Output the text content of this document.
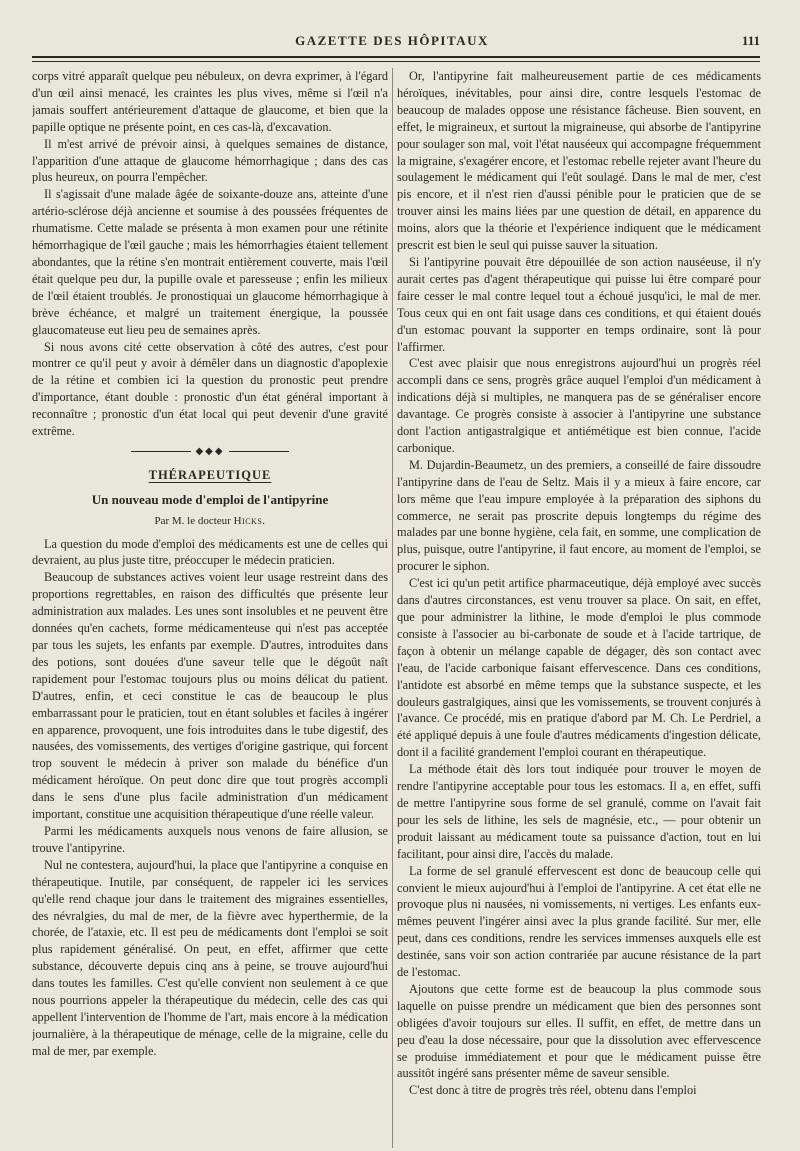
GAZETTE DES HÔPITAUX	111

corps vitré apparaît quelque peu nébuleux, on devra exprimer, à l'égard d'un œil ainsi menacé, les craintes les plus vives, même si l'œil n'a jamais souffert antérieurement d'attaque de glaucome, et bien que la papille optique ne présente point, en ces cas-là, d'excavation.

Il m'est arrivé de prévoir ainsi, à quelques semaines de distance, l'apparition d'une attaque de glaucome hémorrhagique ; dans des cas plus heureux, on pourra l'empêcher.

Il s'agissait d'une malade âgée de soixante-douze ans, atteinte d'une artério-sclérose déjà ancienne et soumise à des poussées fréquentes de rhumatisme. Cette malade se présenta à mon examen pour une rétinite hémorrhagique de l'œil gauche ; mais les hémorrhagies étaient tellement abondantes, que la rétine s'en montrait entièrement couverte, mais l'œil était quelque peu dur, la pupille ovale et paresseuse ; enfin les milieux de l'œil étaient troublés. Je pronostiquai un glaucome hémorrhagique à brève échéance, et malgré un traitement énergique, la poussée glaucomateuse eut lieu peu de semaines après.

Si nous avons cité cette observation à côté des autres, c'est pour montrer ce qu'il peut y avoir à démêler dans un diagnostic d'apoplexie de la rétine et combien ici la question du pronostic peut prendre d'importance, étant double : pronostic d'un état général important à reconnaître ; pronostic d'un état local qui peut devenir d'une gravité extrême.

◆◆◆
THÉRAPEUTIQUE
Un nouveau mode d'emploi de l'antipyrine
Par M. le docteur Hicks.

La question du mode d'emploi des médicaments est une de celles qui devraient, au plus juste titre, préoccuper le médecin praticien.

Beaucoup de substances actives voient leur usage restreint dans des proportions regrettables, en raison des difficultés que présente leur administration aux malades. Les unes sont insolubles et ne peuvent être données qu'en cachets, forme médicamenteuse qui n'est pas acceptée par tous les sujets, les enfants par exemple. D'autres, introduites dans des potions, sont douées d'une saveur telle que le dégoût naît rapidement pour l'estomac toujours plus ou moins délicat du patient. D'autres, enfin, et ceci constitue le cas de beaucoup le plus embarrassant pour le praticien, tout en étant solubles et faciles à ingérer en apparence, provoquent, une fois introduites dans le tube digestif, des nausées, des vomissements, des vertiges d'origine gastrique, qui forcent trop souvent le médecin à priver son malade du bénéfice d'un médicament héroïque. On peut donc dire que tout progrès accompli dans le sens d'une plus facile administration d'un médicament important, constitue une acquisition thérapeutique d'une réelle valeur.

Parmi les médicaments auxquels nous venons de faire allusion, se trouve l'antipyrine.

Nul ne contestera, aujourd'hui, la place que l'antipyrine a conquise en thérapeutique. Inutile, par conséquent, de rappeler ici les services qu'elle rend chaque jour dans le traitement des migraines essentielles, des névralgies, du mal de mer, de la fièvre avec hyperthermie, de la chorée, de l'ataxie, etc. Il est peu de médicaments dont l'emploi se soit plus rapidement généralisé. On peut, en effet, affirmer que cette substance, découverte depuis cinq ans à peine, se trouve aujourd'hui dans toutes les familles. C'est qu'elle convient non seulement à ce que nous pourrions appeler la thérapeutique du médecin, celle des cas qui appellent l'intervention de l'homme de l'art, mais encore à la médication journalière, à la thérapeutique de ménage, celle de la migraine, celle du mal de mer, par exemple.

Or, l'antipyrine fait malheureusement partie de ces médicaments héroïques, inévitables, pour ainsi dire, contre lesquels l'estomac de beaucoup de malades oppose une résistance fâcheuse. Bien souvent, en effet, le migraineux, et surtout la migraineuse, qui absorbe de l'antipyrine pour soulager son mal, voit l'état nauséeux qui accompagne fréquemment la migraine, s'exagérer encore, et l'estomac rebelle rejeter avant l'heure du soulagement le médicament qui l'eût soulagé. Dans le mal de mer, c'est pis encore, et il n'est rien d'aussi pénible pour le praticien que de se trouver ainsi les mains liées par une question de détail, en apparence du moins, alors que la théorie et l'expérience indiquent que le médicament prescrit est bien le seul qui puisse sauver la situation.

Si l'antipyrine pouvait être dépouillée de son action nauséeuse, il n'y aurait certes pas d'agent thérapeutique qui puisse lui être comparé pour faire cesser le mal contre lequel tout a échoué jusqu'ici, le mal de mer. Tous ceux qui en ont fait usage dans ces conditions, et qui étaient doués d'un estomac pouvant la supporter en temps ordinaire, sont là pour l'affirmer.

C'est avec plaisir que nous enregistrons aujourd'hui un progrès réel accompli dans ce sens, progrès grâce auquel l'emploi d'un médicament à indications déjà si multiples, ne manquera pas de se généraliser encore davantage. Ce progrès consiste à associer à l'antipyrine une substance dont l'action antigastralgique et antiémétique est bien connue, l'acide carbonique.

M. Dujardin-Beaumetz, un des premiers, a conseillé de faire dissoudre l'antipyrine dans de l'eau de Seltz. Mais il y a mieux à faire encore, car lors même que l'eau impure employée à la préparation des siphons du commerce, ne serait pas proscrite depuis longtemps du régime des malades par une bonne hygiène, cela fait, en somme, une complication de plus, puisque, outre l'antipyrine, il faut encore, au moment de l'emploi, se procurer le siphon.

C'est ici qu'un petit artifice pharmaceutique, déjà employé avec succès dans d'autres circonstances, est venu trouver sa place. On sait, en effet, que pour administrer la lithine, le mode d'emploi le plus commode consiste à l'associer au bi-carbonate de soude et à l'acide tartrique, de façon à obtenir un mélange capable de dégager, dès son contact avec l'eau, de l'acide carbonique faisant effervescence. Dans ces conditions, l'antidote est absorbé en même temps que la substance suspecte, et les douleurs gastralgiques, ainsi que les vomissements, se trouvent conjurés à l'avance. Ce procédé, mis en pratique d'abord par M. Ch. Le Perdriel, a été appliqué depuis à une foule d'autres médicaments d'ingestion délicate, dont il a facilité grandement l'emploi courant en thérapeutique.

La méthode était dès lors tout indiquée pour trouver le moyen de rendre l'antipyrine acceptable pour tous les estomacs. Il a, en effet, suffi de mettre l'antipyrine sous forme de sel granulé, comme on l'avait fait pour les sels de lithine, les sels de magnésie, etc., — pour obtenir un produit laissant au médicament toute sa puissance d'action, tout en lui facilitant, pour ainsi dire, l'accès du malade.

La forme de sel granulé effervescent est donc de beaucoup celle qui convient le mieux aujourd'hui à l'emploi de l'antipyrine. A cet état elle ne provoque plus ni nausées, ni vomissements, ni vertiges. Les enfants eux-mêmes peuvent l'ingérer ainsi avec la plus grande facilité. Sur mer, elle peut, dans ces conditions, rendre les services immenses auxquels elle est destinée, sans voir son action contrariée par aucune résistance de la part de l'estomac.

Ajoutons que cette forme est de beaucoup la plus commode sous laquelle on puisse prendre un médicament que bien des personnes sont obligées d'avoir toujours sur elles. Il suffit, en effet, de mettre dans un peu d'eau la dose nécessaire, pour que la dissolution avec effervescence se produise immédiatement et pour que le médicament puisse être aussitôt ingéré sans présenter même de saveur sensible.

C'est donc à titre de progrès très réel, obtenu dans l'emploi
